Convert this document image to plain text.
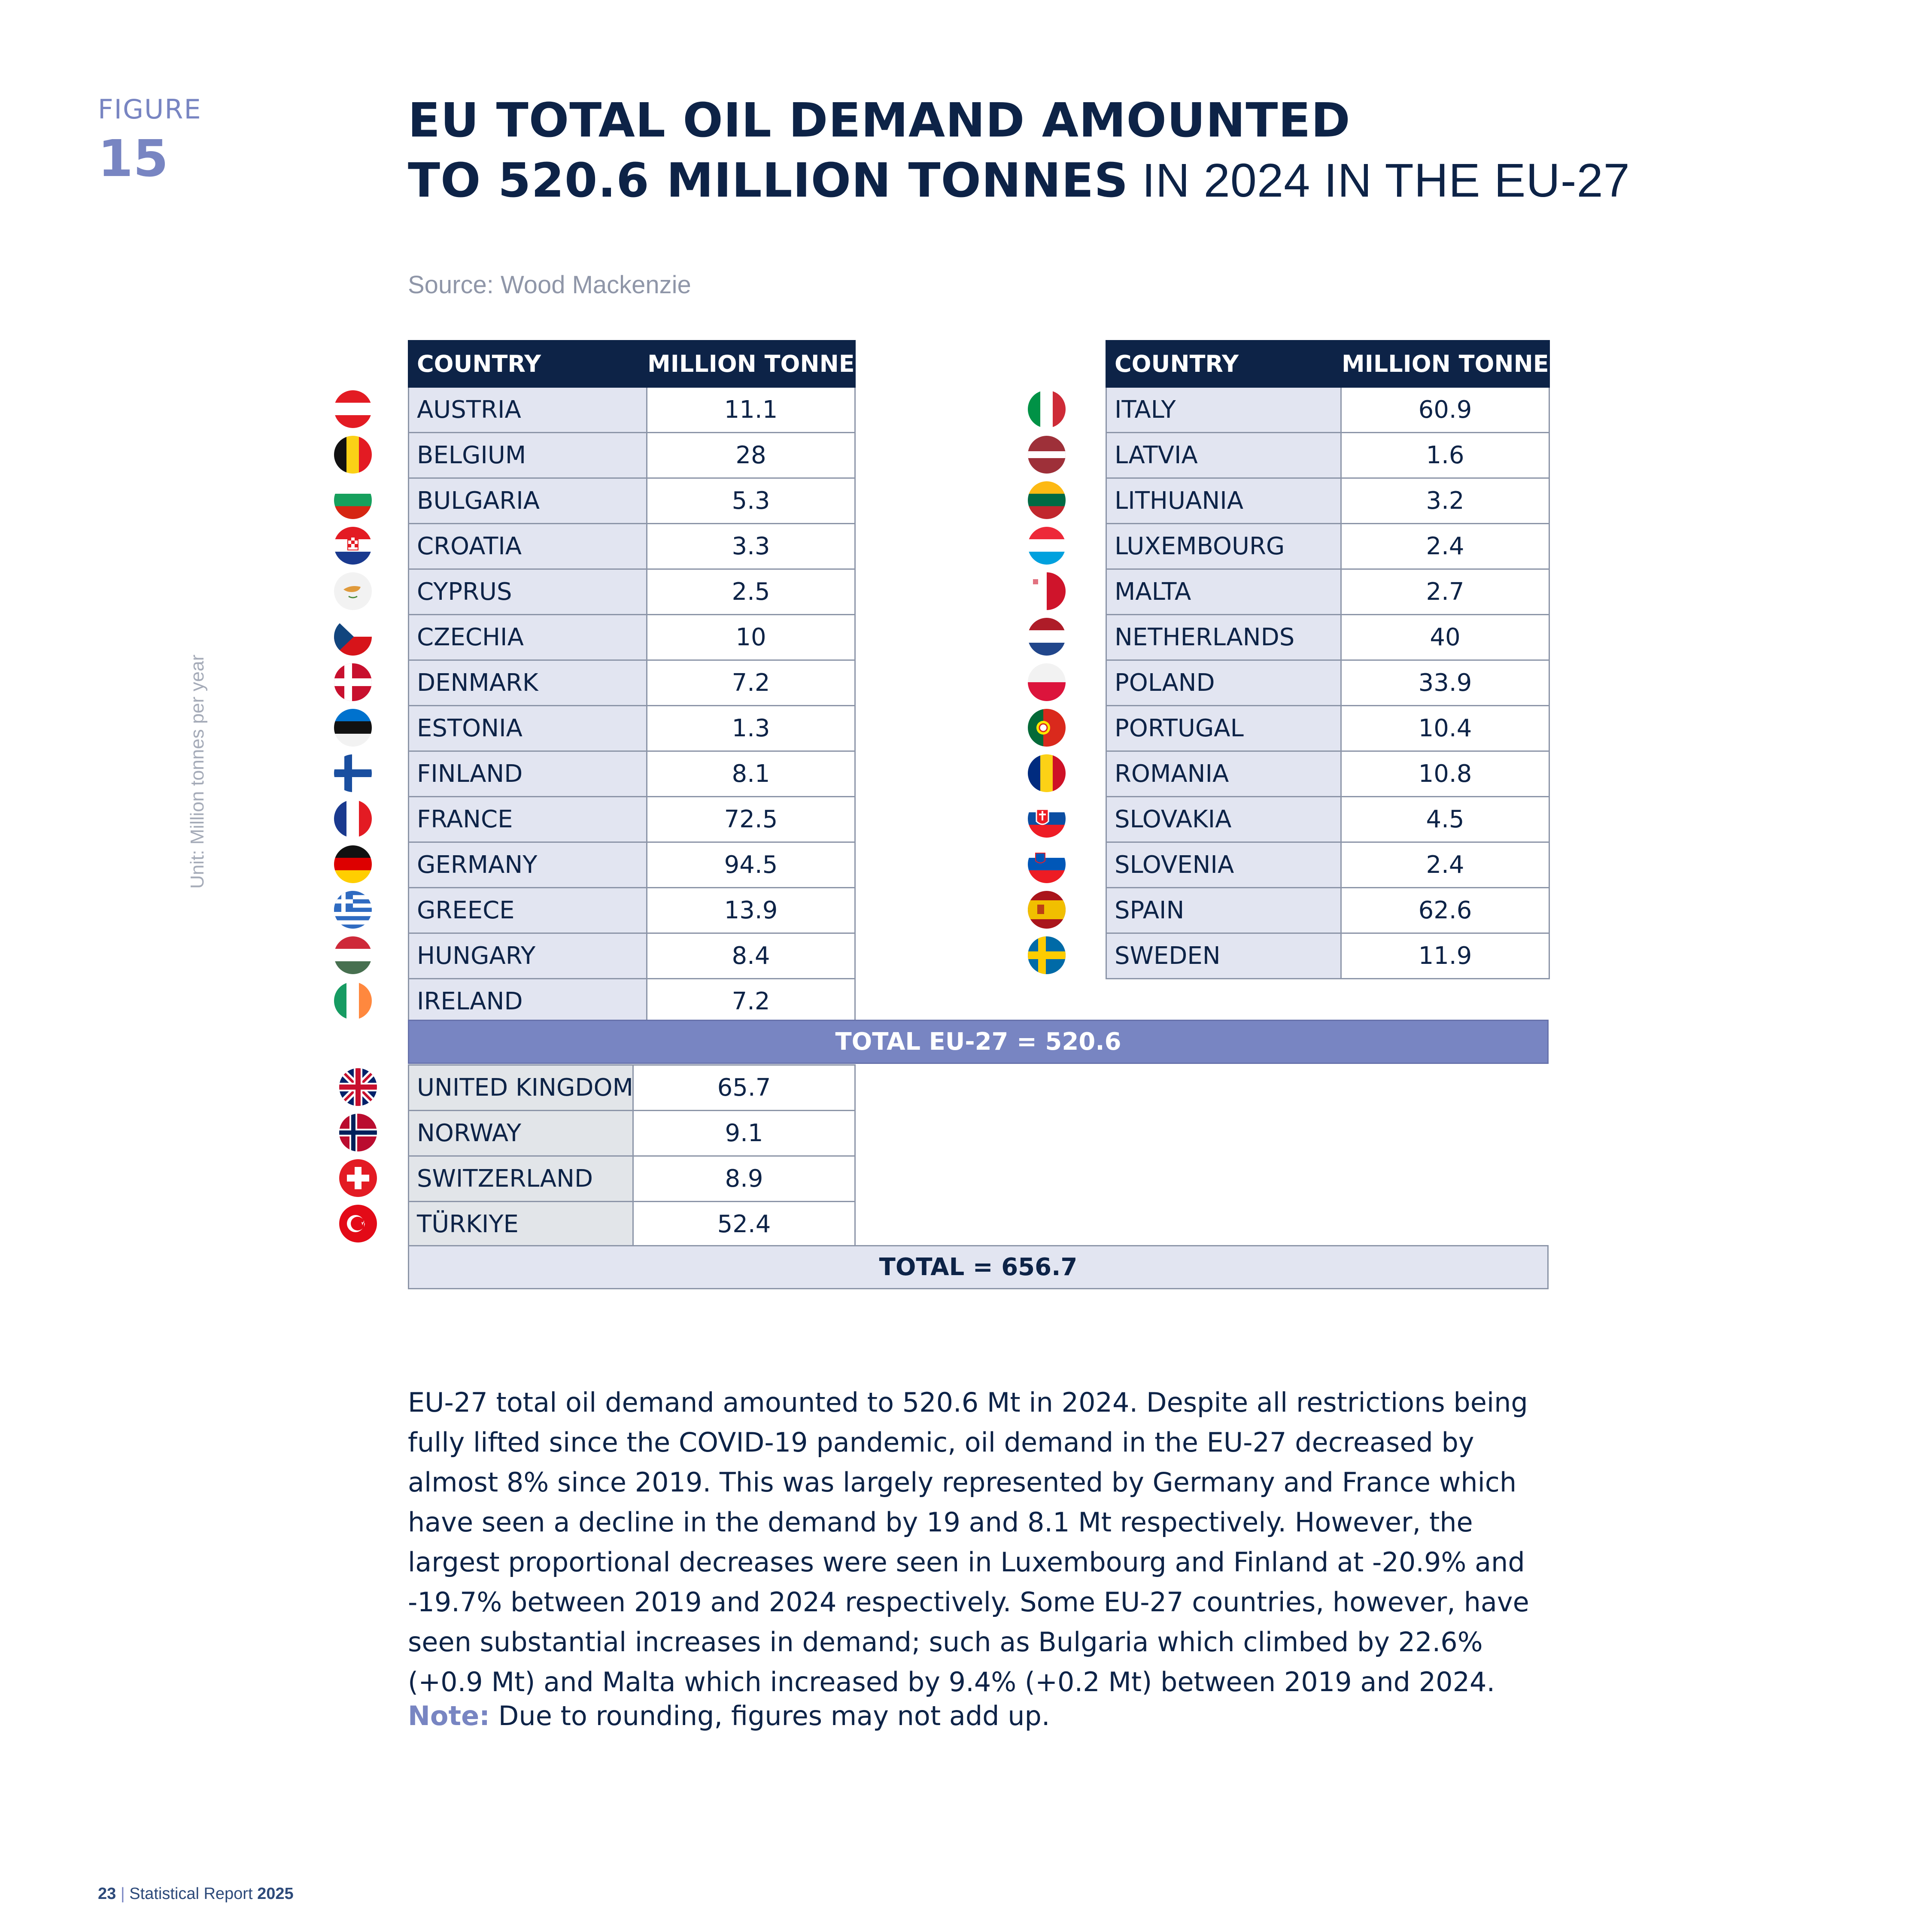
FIGURE
15
EU TOTAL OIL DEMAND AMOUNTED
TO 520.6 MILLION TONNES IN 2024 IN THE EU-27
Source: Wood Mackenzie
Unit: Million tonnes per year
COUNTRY	MILLION TONNES
AUSTRIA	11.1
BELGIUM	28
BULGARIA	5.3
CROATIA	3.3
CYPRUS	2.5
CZECHIA	10
DENMARK	7.2
ESTONIA	1.3
FINLAND	8.1
FRANCE	72.5
GERMANY	94.5
GREECE	13.9
HUNGARY	8.4
IRELAND	7.2
COUNTRY	MILLION TONNES
ITALY	60.9
LATVIA	1.6
LITHUANIA	3.2
LUXEMBOURG	2.4
MALTA	2.7
NETHERLANDS	40
POLAND	33.9
PORTUGAL	10.4
ROMANIA	10.8
SLOVAKIA	4.5
SLOVENIA	2.4
SPAIN	62.6
SWEDEN	11.9
TOTAL EU-27 = 520.6
UNITED KINGDOM	65.7
NORWAY	9.1
SWITZERLAND	8.9
TÜRKIYE	52.4
TOTAL = 656.7

EU-27 total oil demand amounted to 520.6 Mt in 2024. Despite all restrictions being fully lifted since the COVID-19 pandemic, oil demand in the EU-27 decreased by almost 8% since 2019. This was largely represented by Germany and France which have seen a decline in the demand by 19 and 8.1 Mt respectively. However, the largest proportional decreases were seen in Luxembourg and Finland at -20.9% and -19.7% between 2019 and 2024 respectively. Some EU-27 countries, however, have seen substantial increases in demand; such as Bulgaria which climbed by 22.6% (+0.9 Mt) and Malta which increased by 9.4% (+0.2 Mt) between 2019 and 2024.

Note: Due to rounding, figures may not add up.
23 | Statistical Report 2025
